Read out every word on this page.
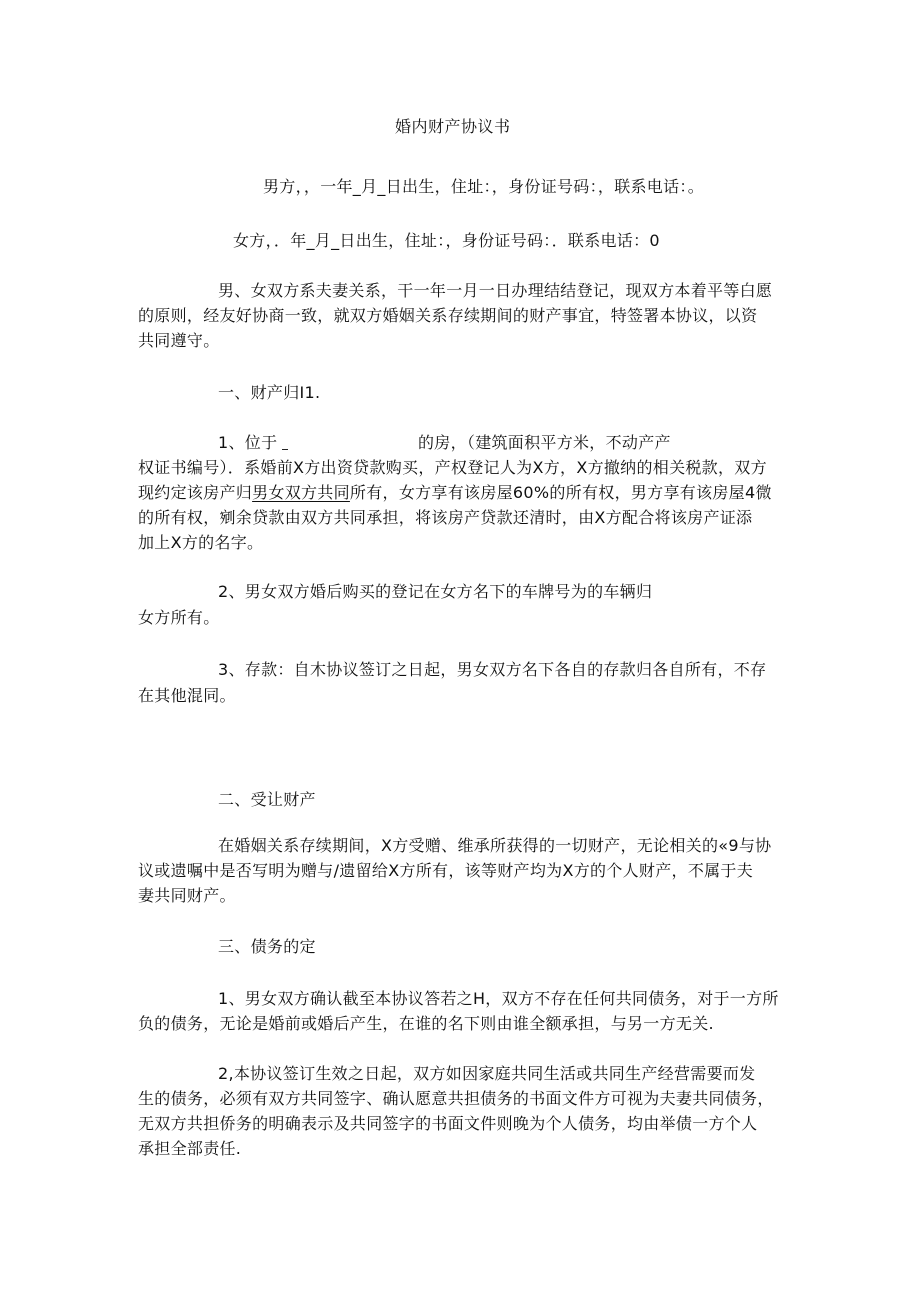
婚内财产协议书
男方，，一年_月_日出生，住址：，身份证号码：，联系电话：。
女方，．年_月_日出生，住址：，身份证号码：．联系电话：0
男、女双方系夫妻关系，干一年一月一日办理结结登记，现双方本着平等白愿
的原则，经友好协商一致，就双方婚姻关系存续期间的财产事宜，特签署本协议，以资
共同遵守。
一、财产归I1.
1、位于	的房，（建筑面积平方米，不动产产
权证书编号）．系婚前X方出资贷款购买，产权登记人为X方，X方撤纳的相关税款，双方
现约定该房产归男女双方共同所有，女方享有该房屋60%的所有权，男方享有该房屋4微
的所有权，剜余贷款由双方共同承担，将该房产贷款还清时，由X方配合将该房产证添
加上X方的名字。
2、男女双方婚后购买的登记在女方名下的车牌号为的车辆归
女方所有。
3、存款：自木协议签订之日起，男女双方名下各自的存款归各自所有，不存
在其他混同。
二、受让财产
在婚姻关系存续期间，X方受赠、维承所获得的一切财产，无论相关的«9与协
议或遗嘱中是否写明为赠与/遗留给X方所有，该等财产均为X方的个人财产，不属于夫
妻共同财产。
三、债务的定
1、男女双方确认截至本协议答若之H，双方不存在任何共同债务，对于一方所
负的债务，无论是婚前或婚后产生，在谁的名下则由谁全额承担，与另一方无关.
2,本协议签订生效之日起，双方如因家庭共同生活或共同生产经营需要而发
生的债务，必须有双方共同签字、确认愿意共担债务的书面文件方可视为夫妻共同债务，
无双方共担侨务的明确表示及共同签字的书面文件则晚为个人债务，均由举债一方个人
承担全部责任.
